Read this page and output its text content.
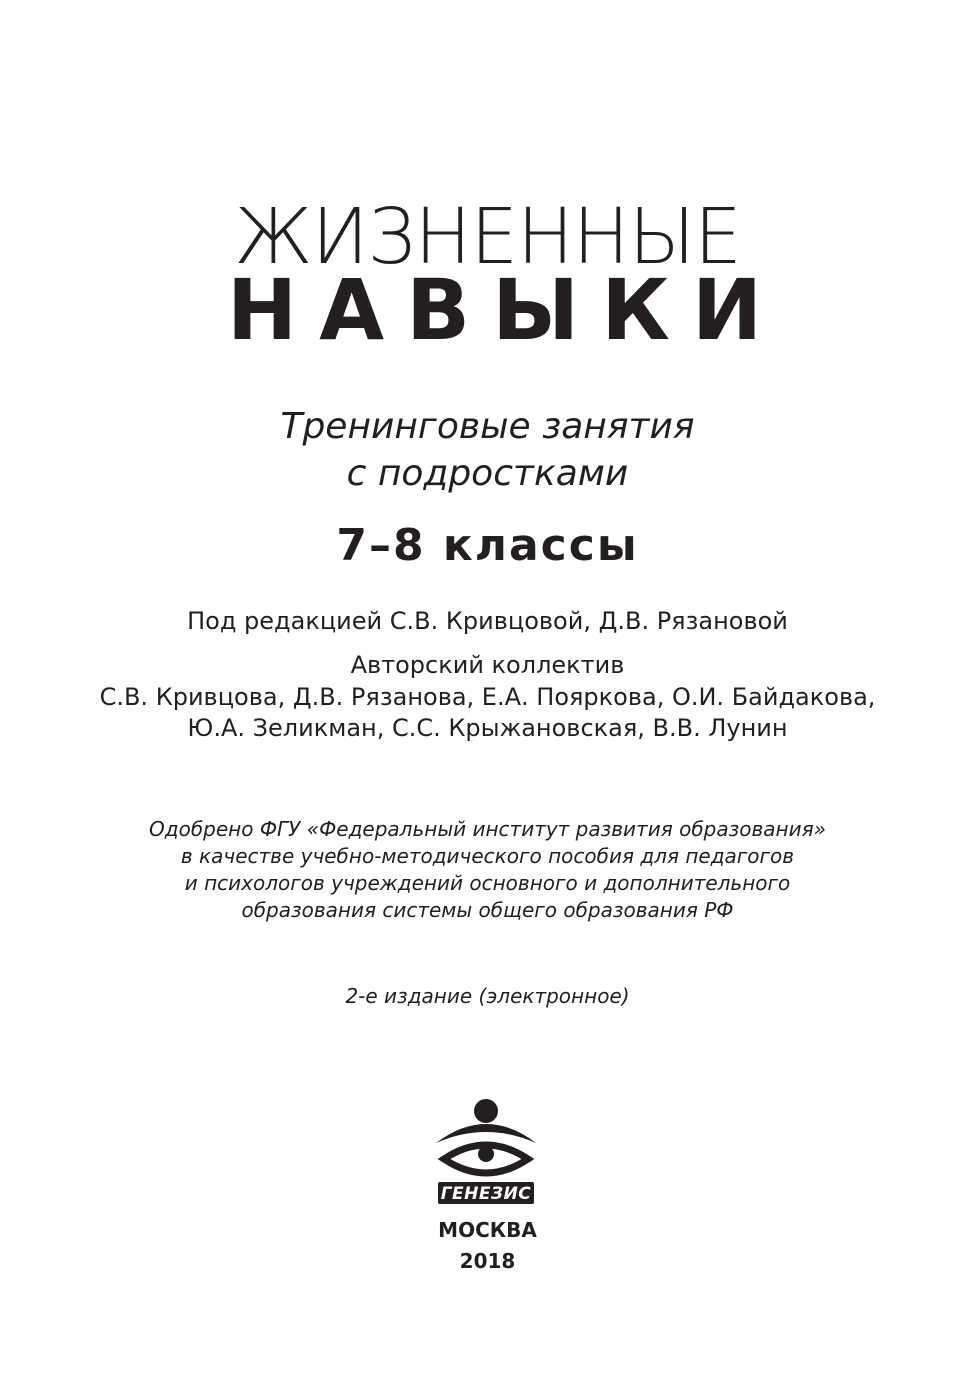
ЖИЗНЕННЫЕ
НАВЫКИ
Тренинговые занятия
с подростками
7–8 классы
Под редакцией С.В. Кривцовой, Д.В. Рязановой
Авторский коллектив
С.В. Кривцова, Д.В. Рязанова, Е.А. Пояркова, О.И. Байдакова,
Ю.А. Зеликман, С.С. Крыжановская, В.В. Лунин
Одобрено ФГУ «Федеральный институт развития образования»
в качестве учебно-методического пособия для педагогов
и психологов учреждений основного и дополнительного
образования системы общего образования РФ
2-е издание (электронное)
ГЕНЕЗИС
МОСКВА
2018
